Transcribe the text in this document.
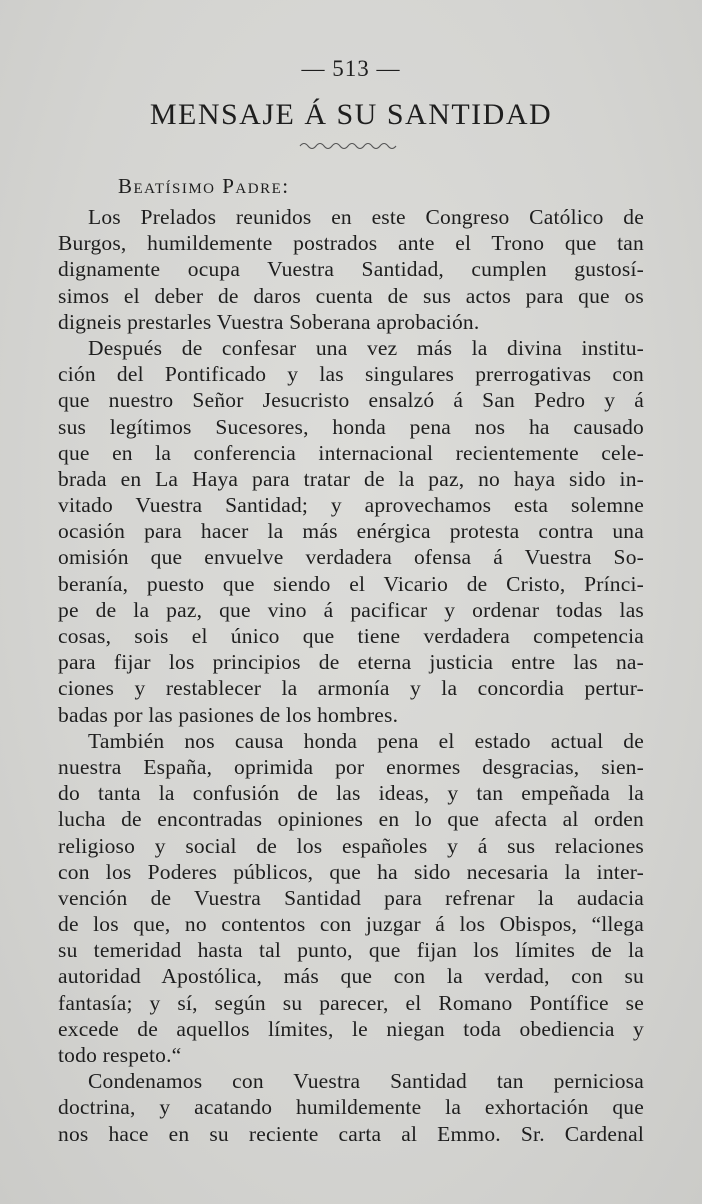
— 513 —
MENSAJE Á SU SANTIDAD
Beatísimo Padre:
Los Prelados reunidos en este Congreso Católico de
Burgos, humildemente postrados ante el Trono que tan
dignamente ocupa Vuestra Santidad, cumplen gustosí-
simos el deber de daros cuenta de sus actos para que os
digneis prestarles Vuestra Soberana aprobación.
Después de confesar una vez más la divina institu-
ción del Pontificado y las singulares prerrogativas con
que nuestro Señor Jesucristo ensalzó á San Pedro y á
sus legítimos Sucesores, honda pena nos ha causado
que en la conferencia internacional recientemente cele-
brada en La Haya para tratar de la paz, no haya sido in-
vitado Vuestra Santidad; y aprovechamos esta solemne
ocasión para hacer la más enérgica protesta contra una
omisión que envuelve verdadera ofensa á Vuestra So-
beranía, puesto que siendo el Vicario de Cristo, Prínci-
pe de la paz, que vino á pacificar y ordenar todas las
cosas, sois el único que tiene verdadera competencia
para fijar los principios de eterna justicia entre las na-
ciones y restablecer la armonía y la concordia pertur-
badas por las pasiones de los hombres.
También nos causa honda pena el estado actual de
nuestra España, oprimida por enormes desgracias, sien-
do tanta la confusión de las ideas, y tan empeñada la
lucha de encontradas opiniones en lo que afecta al orden
religioso y social de los españoles y á sus relaciones
con los Poderes públicos, que ha sido necesaria la inter-
vención de Vuestra Santidad para refrenar la audacia
de los que, no contentos con juzgar á los Obispos, “llega
su temeridad hasta tal punto, que fijan los límites de la
autoridad Apostólica, más que con la verdad, con su
fantasía; y sí, según su parecer, el Romano Pontífice se
excede de aquellos límites, le niegan toda obediencia y
todo respeto.“
Condenamos con Vuestra Santidad tan perniciosa
doctrina, y acatando humildemente la exhortación que
nos hace en su reciente carta al Emmo. Sr. Cardenal
